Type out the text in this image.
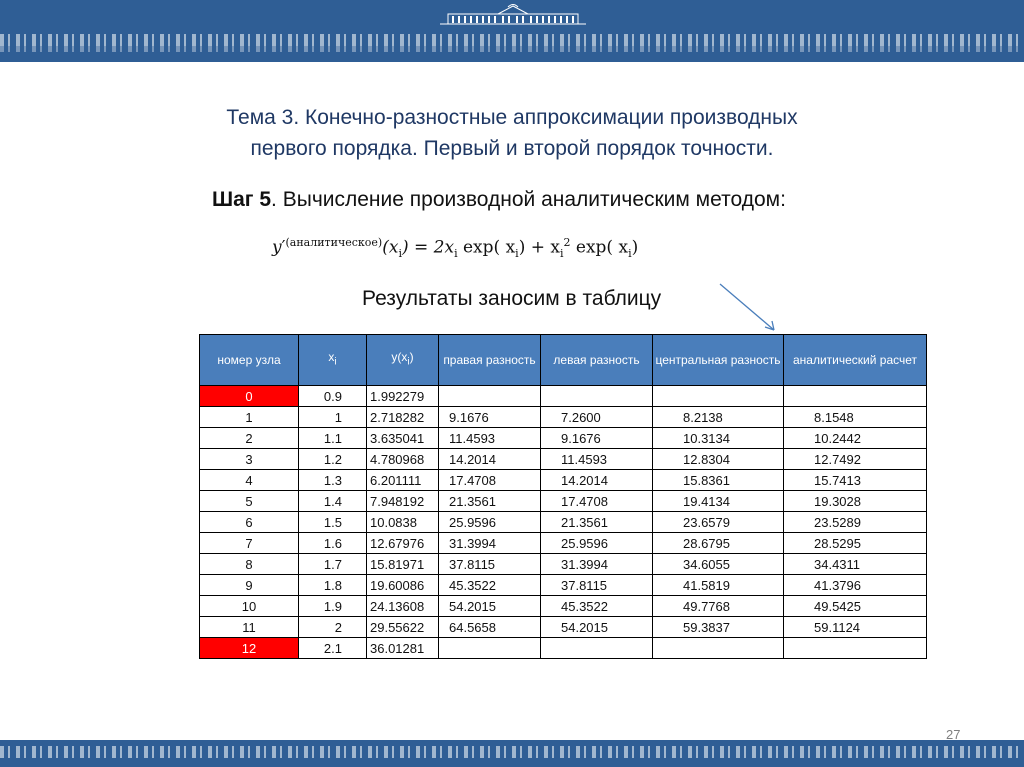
Тема 3. Конечно-разностные аппроксимации производных
первого порядка. Первый и второй порядок точности.
Шаг 5. Вычисление производной аналитическим методом:
$y'^{(аналитическое)}(x_i) = 2x_i$ exp( $x_i) + x_i^2$ exp( $x_i$)
Результаты заносим в таблицу
номер узла	$x_i$	$y(x_i)$	правая разность	левая разность	центральная разность	аналитический расчет
0	0.9	1.992279				
1	1	2.718282	9.1676	7.2600	8.2138	8.1548
2	1.1	3.635041	11.4593	9.1676	10.3134	10.2442
3	1.2	4.780968	14.2014	11.4593	12.8304	12.7492
4	1.3	6.201111	17.4708	14.2014	15.8361	15.7413
5	1.4	7.948192	21.3561	17.4708	19.4134	19.3028
6	1.5	10.0838	25.9596	21.3561	23.6579	23.5289
7	1.6	12.67976	31.3994	25.9596	28.6795	28.5295
8	1.7	15.81971	37.8115	31.3994	34.6055	34.4311
9	1.8	19.60086	45.3522	37.8115	41.5819	41.3796
10	1.9	24.13608	54.2015	45.3522	49.7768	49.5425
11	2	29.55622	64.5658	54.2015	59.3837	59.1124
12	2.1	36.01281				
27
